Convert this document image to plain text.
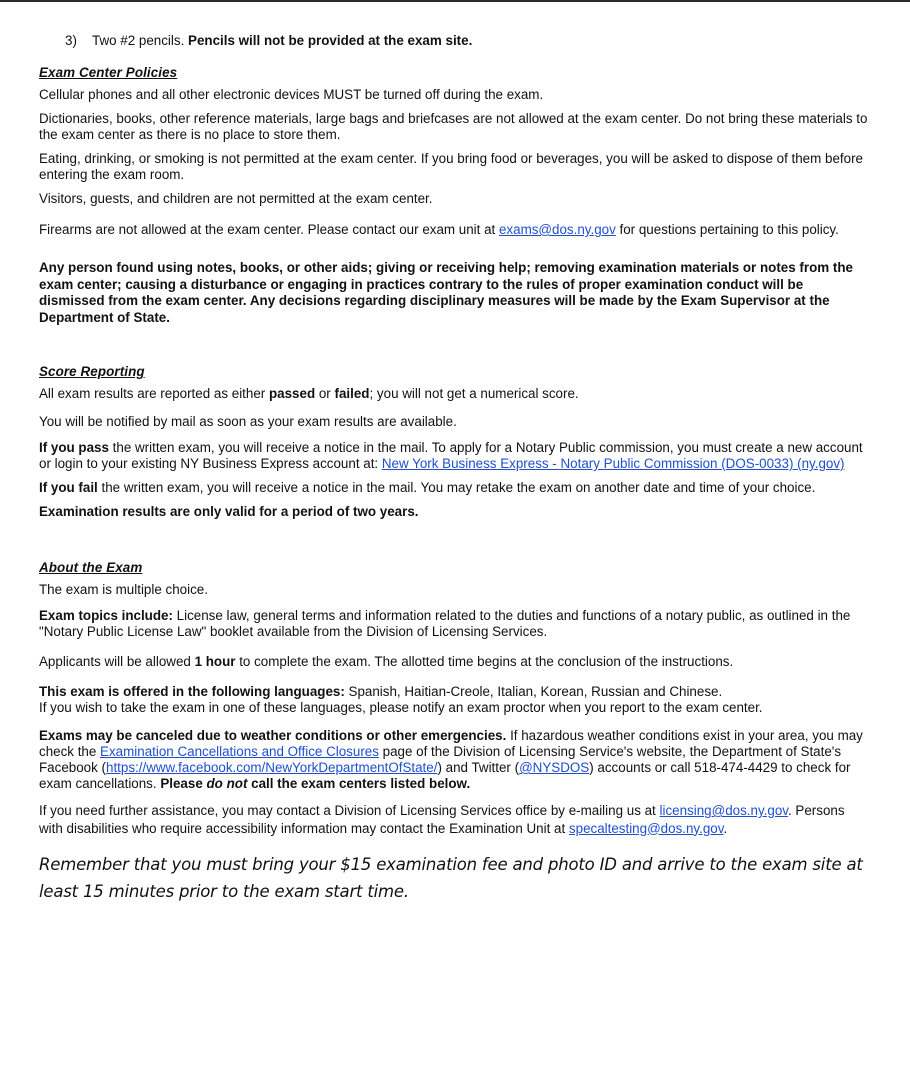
3) Two #2 pencils. Pencils will not be provided at the exam site.

Exam Center Policies

Cellular phones and all other electronic devices MUST be turned off during the exam.

Dictionaries, books, other reference materials, large bags and briefcases are not allowed at the exam center. Do not bring these materials to the exam center as there is no place to store them.

Eating, drinking, or smoking is not permitted at the exam center. If you bring food or beverages, you will be asked to dispose of them before entering the exam room.

Visitors, guests, and children are not permitted at the exam center.

Firearms are not allowed at the exam center. Please contact our exam unit at exams@dos.ny.gov for questions pertaining to this policy.

Any person found using notes, books, or other aids; giving or receiving help; removing examination materials or notes from the exam center; causing a disturbance or engaging in practices contrary to the rules of proper examination conduct will be dismissed from the exam center. Any decisions regarding disciplinary measures will be made by the Exam Supervisor at the Department of State.

Score Reporting

All exam results are reported as either passed or failed; you will not get a numerical score.

You will be notified by mail as soon as your exam results are available.

If you pass the written exam, you will receive a notice in the mail. To apply for a Notary Public commission, you must create a new account or login to your existing NY Business Express account at: New York Business Express - Notary Public Commission (DOS-0033) (ny.gov)

If you fail the written exam, you will receive a notice in the mail. You may retake the exam on another date and time of your choice.

Examination results are only valid for a period of two years.

About the Exam

The exam is multiple choice.

Exam topics include: License law, general terms and information related to the duties and functions of a notary public, as outlined in the "Notary Public License Law" booklet available from the Division of Licensing Services.

Applicants will be allowed 1 hour to complete the exam. The allotted time begins at the conclusion of the instructions.

This exam is offered in the following languages: Spanish, Haitian-Creole, Italian, Korean, Russian and Chinese.
If you wish to take the exam in one of these languages, please notify an exam proctor when you report to the exam center.

Exams may be canceled due to weather conditions or other emergencies. If hazardous weather conditions exist in your area, you may check the Examination Cancellations and Office Closures page of the Division of Licensing Service's website, the Department of State's Facebook (https://www.facebook.com/NewYorkDepartmentOfState/) and Twitter (@NYSDOS) accounts or call 518-474-4429 to check for exam cancellations. Please do not call the exam centers listed below.

If you need further assistance, you may contact a Division of Licensing Services office by e-mailing us at licensing@dos.ny.gov. Persons with disabilities who require accessibility information may contact the Examination Unit at specaltesting@dos.ny.gov.

Remember that you must bring your $15 examination fee and photo ID and arrive to the exam site at least 15 minutes prior to the exam start time.
